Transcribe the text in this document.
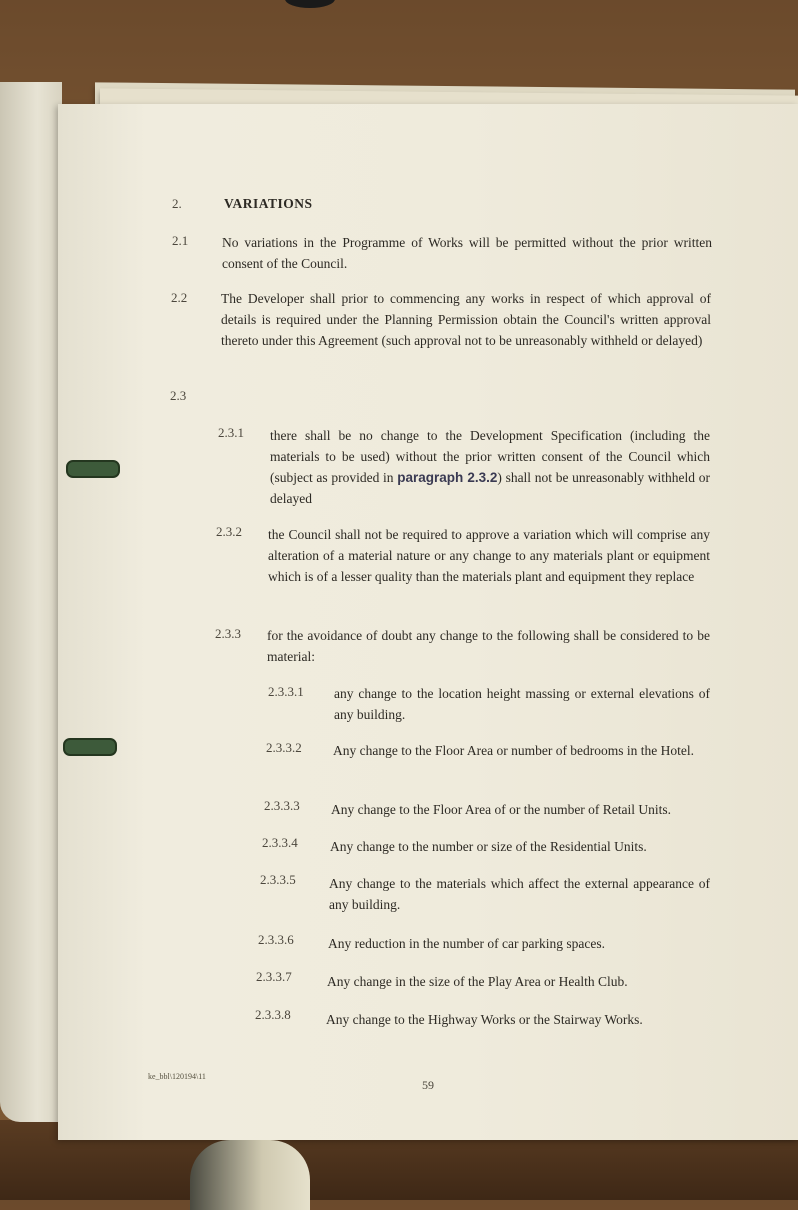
2.	VARIATIONS
2.1	No variations in the Programme of Works will be permitted without the prior written consent of the Council.
2.2	The Developer shall prior to commencing any works in respect of which approval of details is required under the Planning Permission obtain the Council's written approval thereto under this Agreement (such approval not to be unreasonably withheld or delayed)
2.3
2.3.1 there shall be no change to the Development Specification (including the materials to be used) without the prior written consent of the Council which (subject as provided in paragraph 2.3.2) shall not be unreasonably withheld or delayed
2.3.2 the Council shall not be required to approve a variation which will comprise any alteration of a material nature or any change to any materials plant or equipment which is of a lesser quality than the materials plant and equipment they replace
2.3.3 for the avoidance of doubt any change to the following shall be considered to be material:
2.3.3.1 any change to the location height massing or external elevations of any building.
2.3.3.2 Any change to the Floor Area or number of bedrooms in the Hotel.
2.3.3.3 Any change to the Floor Area of or the number of Retail Units.
2.3.3.4 Any change to the number or size of the Residential Units.
2.3.3.5 Any change to the materials which affect the external appearance of any building.
2.3.3.6	Any reduction in the number of car parking spaces.
2.3.3.7	Any change in the size of the Play Area or Health Club.
2.3.3.8	Any change to the Highway Works or the Stairway Works.
ke_bbl\120194\11
59
